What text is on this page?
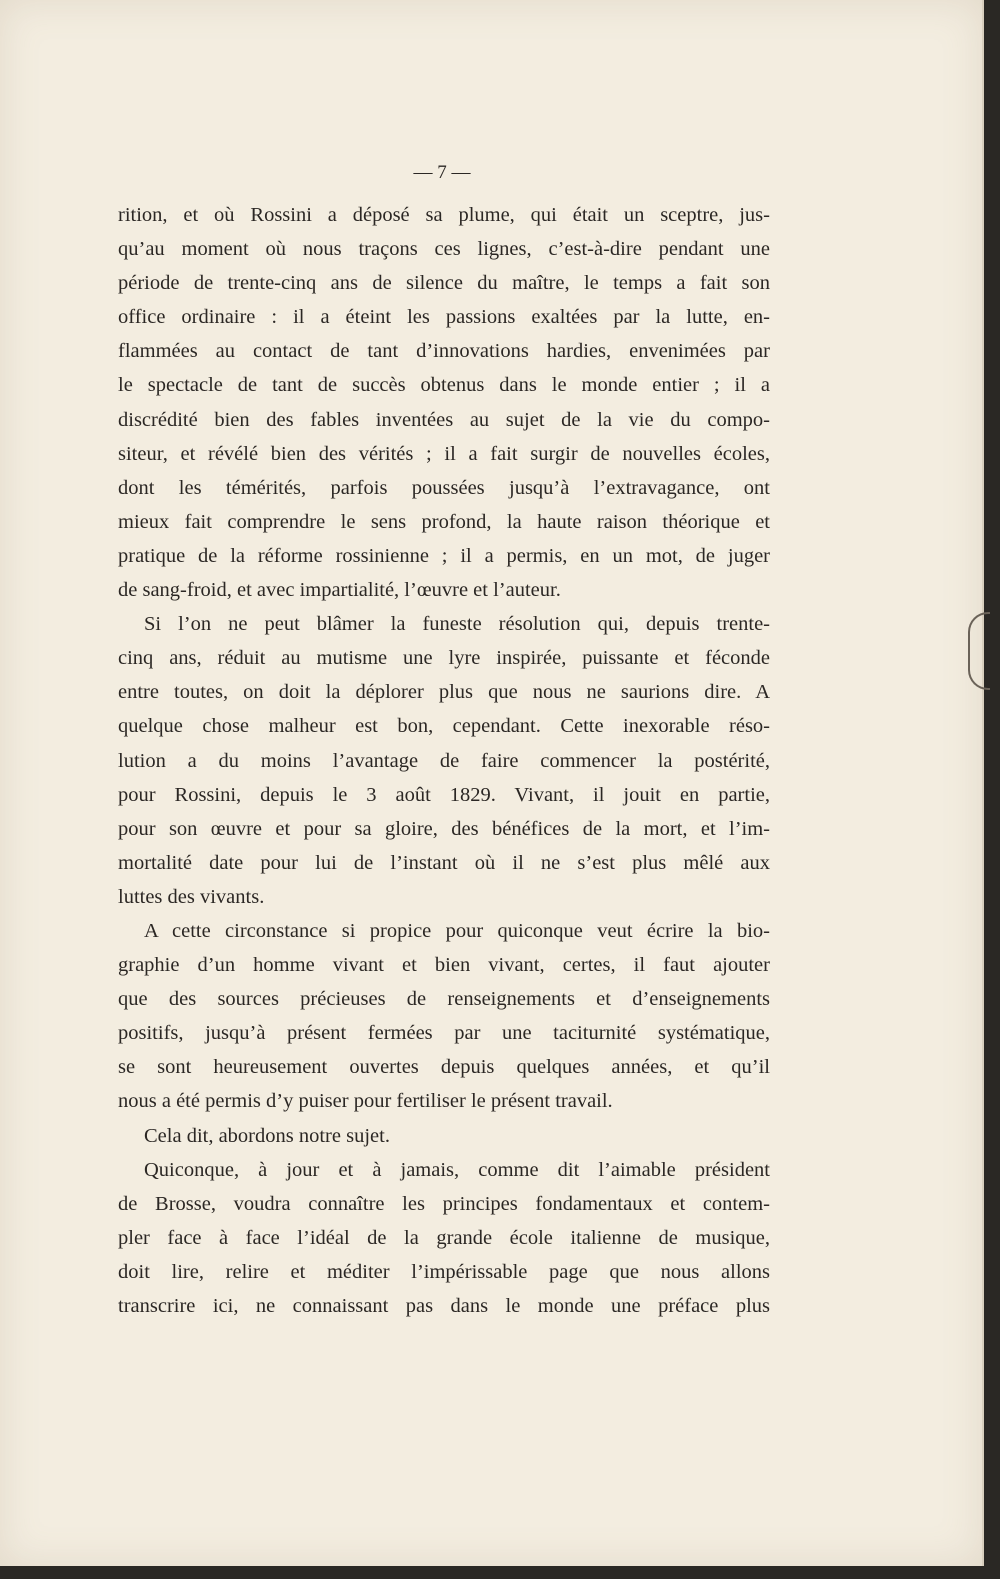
— 7 —
rition, et où Rossini a déposé sa plume, qui était un sceptre, jus-
qu’au moment où nous traçons ces lignes, c’est-à-dire pendant une
période de trente-cinq ans de silence du maître, le temps a fait son
office ordinaire : il a éteint les passions exaltées par la lutte, en-
flammées au contact de tant d’innovations hardies, envenimées par
le spectacle de tant de succès obtenus dans le monde entier ; il a
discrédité bien des fables inventées au sujet de la vie du compo-
siteur, et révélé bien des vérités ; il a fait surgir de nouvelles écoles,
dont les témérités, parfois poussées jusqu’à l’extravagance, ont
mieux fait comprendre le sens profond, la haute raison théorique et
pratique de la réforme rossinienne ; il a permis, en un mot, de juger
de sang-froid, et avec impartialité, l’œuvre et l’auteur.
Si l’on ne peut blâmer la funeste résolution qui, depuis trente-
cinq ans, réduit au mutisme une lyre inspirée, puissante et féconde
entre toutes, on doit la déplorer plus que nous ne saurions dire. A
quelque chose malheur est bon, cependant. Cette inexorable réso-
lution a du moins l’avantage de faire commencer la postérité,
pour Rossini, depuis le 3 août 1829. Vivant, il jouit en partie,
pour son œuvre et pour sa gloire, des bénéfices de la mort, et l’im-
mortalité date pour lui de l’instant où il ne s’est plus mêlé aux
luttes des vivants.
A cette circonstance si propice pour quiconque veut écrire la bio-
graphie d’un homme vivant et bien vivant, certes, il faut ajouter
que des sources précieuses de renseignements et d’enseignements
positifs, jusqu’à présent fermées par une taciturnité systématique,
se sont heureusement ouvertes depuis quelques années, et qu’il
nous a été permis d’y puiser pour fertiliser le présent travail.
Cela dit, abordons notre sujet.
Quiconque, à jour et à jamais, comme dit l’aimable président
de Brosse, voudra connaître les principes fondamentaux et contem-
pler face à face l’idéal de la grande école italienne de musique,
doit lire, relire et méditer l’impérissable page que nous allons
transcrire ici, ne connaissant pas dans le monde une préface plus
